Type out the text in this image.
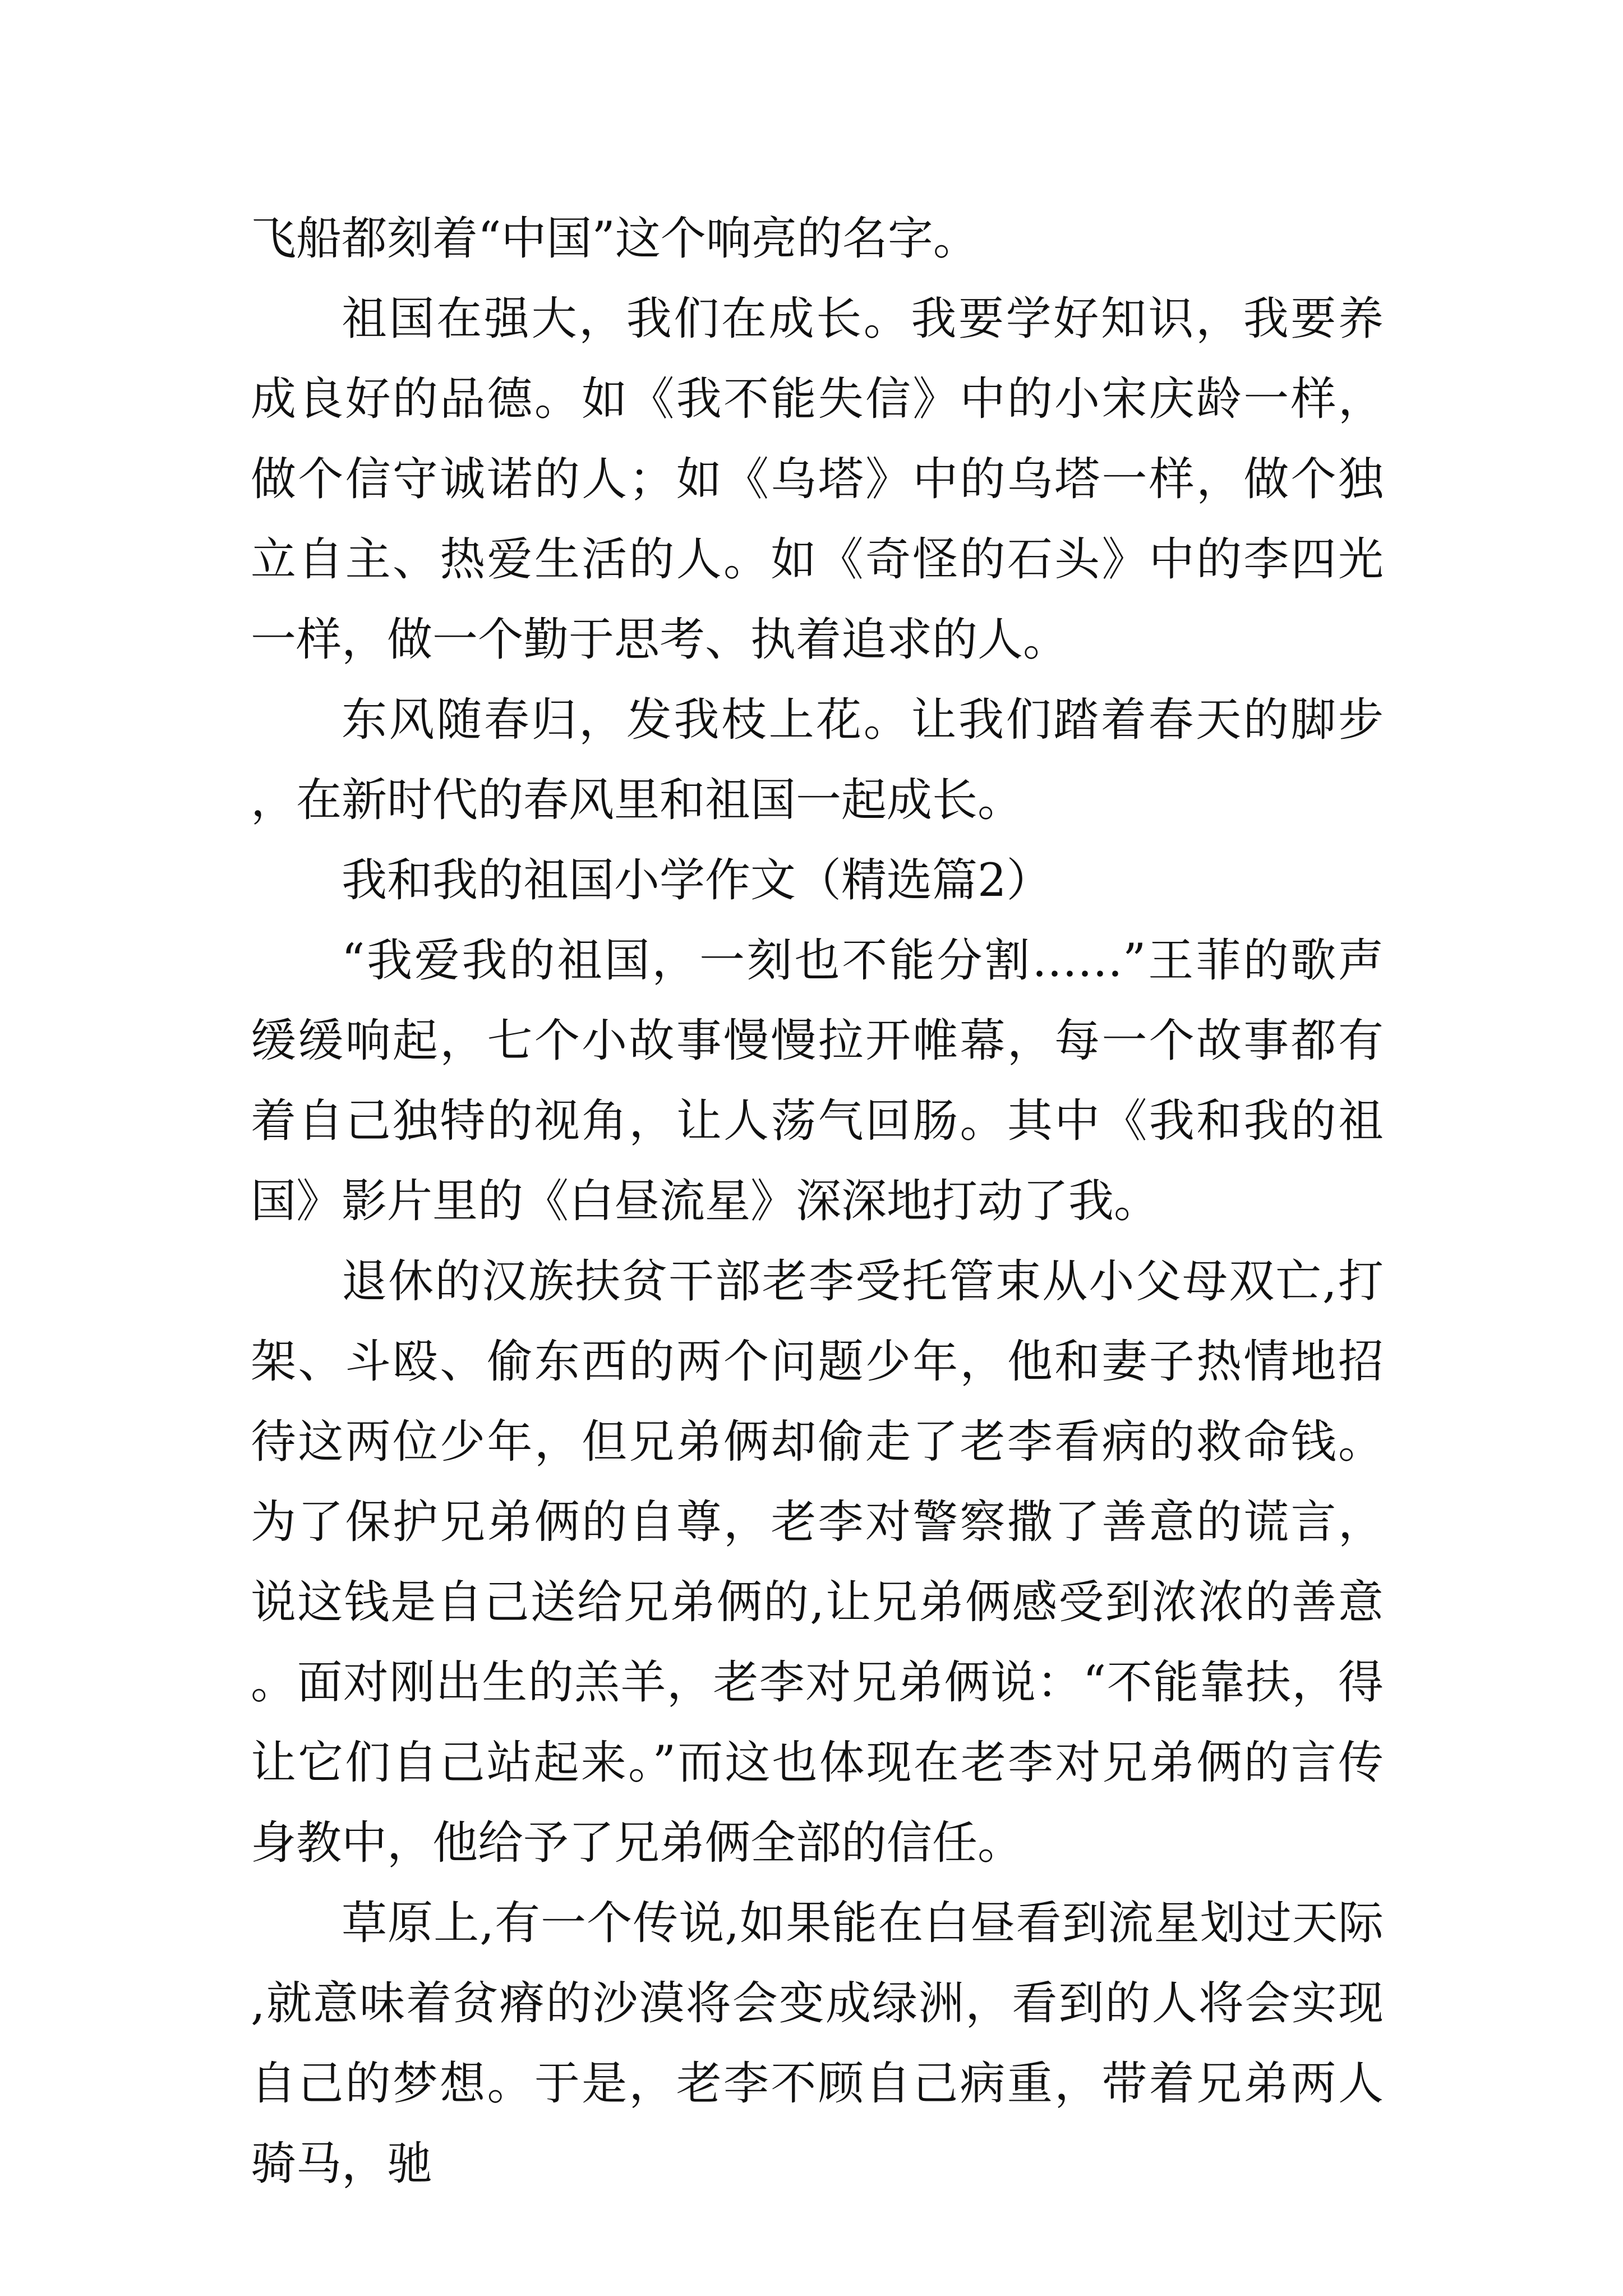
飞船都刻着“中国”这个响亮的名字。

祖国在强大，我们在成长。我要学好知识，我要养成良好的品德。如《我不能失信》中的小宋庆龄一样，做个信守诚诺的人；如《乌塔》中的乌塔一样，做个独立自主、热爱生活的人。如《奇怪的石头》中的李四光一样，做一个勤于思考、执着追求的人。

东风随春归，发我枝上花。让我们踏着春天的脚步，在新时代的春风里和祖国一起成长。

我和我的祖国小学作文（精选篇2）

“我爱我的祖国，一刻也不能分割……”王菲的歌声缓缓响起，七个小故事慢慢拉开帷幕，每一个故事都有着自己独特的视角，让人荡气回肠。其中《我和我的祖国》影片里的《白昼流星》深深地打动了我。

退休的汉族扶贫干部老李受托管束从小父母双亡,打架、斗殴、偷东西的两个问题少年，他和妻子热情地招待这两位少年，但兄弟俩却偷走了老李看病的救命钱。为了保护兄弟俩的自尊，老李对警察撒了善意的谎言，说这钱是自己送给兄弟俩的,让兄弟俩感受到浓浓的善意。面对刚出生的羔羊，老李对兄弟俩说：“不能靠扶，得让它们自己站起来。”而这也体现在老李对兄弟俩的言传身教中，他给予了兄弟俩全部的信任。

草原上,有一个传说,如果能在白昼看到流星划过天际,就意味着贫瘠的沙漠将会变成绿洲，看到的人将会实现自己的梦想。于是，老李不顾自己病重，带着兄弟两人骑马，驰
